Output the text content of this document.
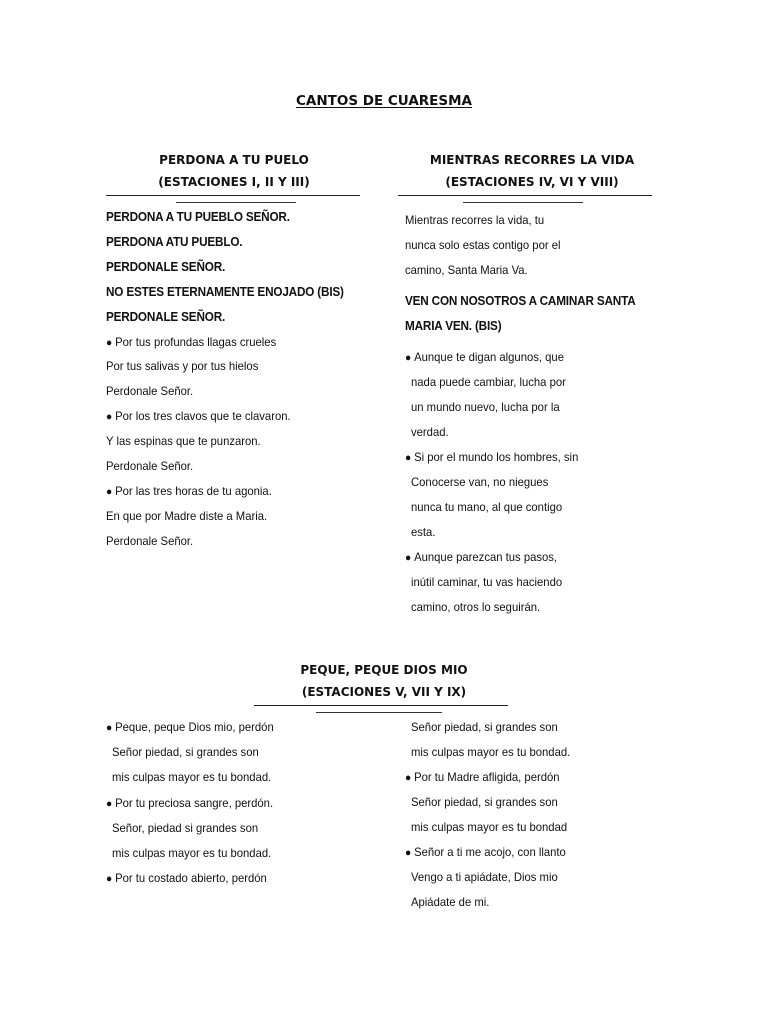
CANTOS DE CUARESMA
PERDONA A TU PUELO
(ESTACIONES I, II Y III)
MIENTRAS RECORRES LA VIDA
(ESTACIONES IV, VI Y VIII)
PEQUE, PEQUE DIOS MIO
(ESTACIONES V, VII Y IX)
PERDONA A TU PUEBLO SEÑOR.
PERDONA ATU PUEBLO.
PERDONALE SEÑOR.
NO ESTES ETERNAMENTE ENOJADO (BIS)
PERDONALE SEÑOR.
● Por tus profundas llagas crueles
Por tus salivas y por tus hielos
Perdonale Señor.
● Por los tres clavos que te clavaron.
Y las espinas que te punzaron.
Perdonale Señor.
● Por las tres horas de tu agonia.
En que por Madre diste a Maria.
Perdonale Señor.
Mientras recorres la vida, tu
nunca solo estas contigo por el
camino, Santa Maria Va.
VEN CON NOSOTROS A CAMINAR SANTA
MARIA VEN. (BIS)
● Aunque te digan algunos, que
nada puede cambiar, lucha por
un mundo nuevo, lucha por la
verdad.
● Si por el mundo los hombres, sin
Conocerse van, no niegues
nunca tu mano, al que contigo
esta.
● Aunque parezcan tus pasos,
inútil caminar, tu vas haciendo
camino, otros lo seguirán.
● Peque, peque Dios mio, perdón
Señor piedad, si grandes son
mis culpas mayor es tu bondad.
● Por tu preciosa sangre, perdón.
Señor, piedad si grandes son
mis culpas mayor es tu bondad.
● Por tu costado abierto, perdón
Señor piedad, si grandes son
mis culpas mayor es tu bondad.
● Por tu Madre afligida, perdón
Señor piedad, si grandes son
mis culpas mayor es tu bondad
● Señor a ti me acojo, con llanto
Vengo a ti apiádate, Dios mio
Apiádate de mi.
